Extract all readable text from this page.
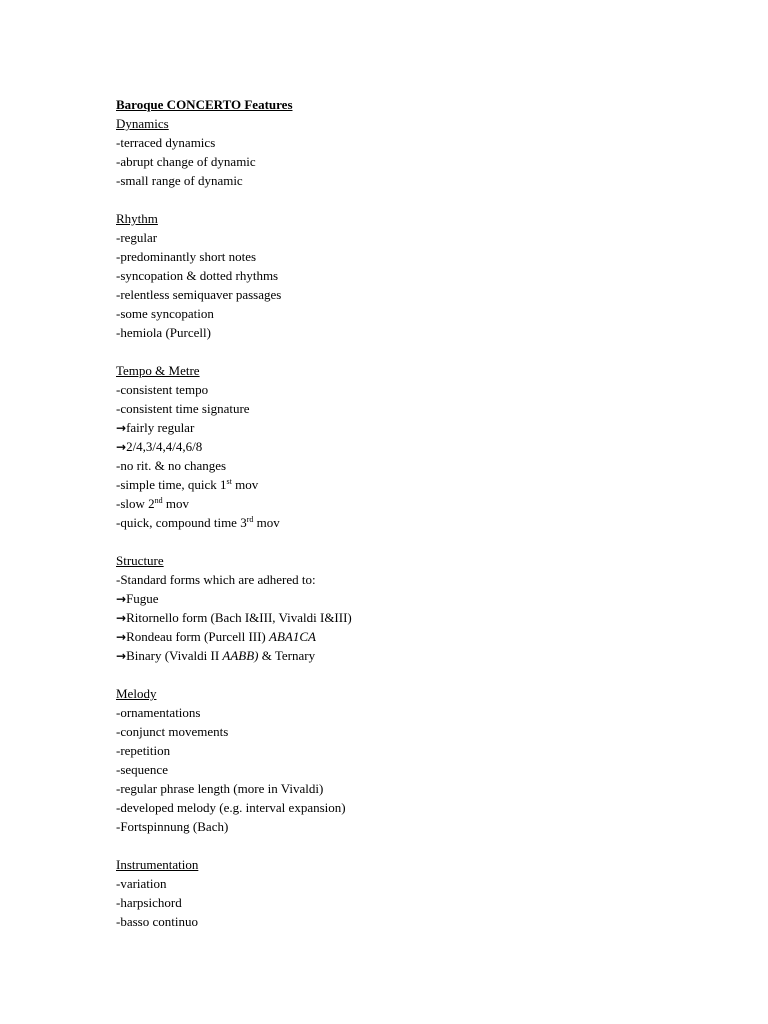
Baroque CONCERTO Features
Dynamics
-terraced dynamics
-abrupt change of dynamic
-small range of dynamic
Rhythm
-regular
-predominantly short notes
-syncopation & dotted rhythms
-relentless semiquaver passages
-some syncopation
-hemiola (Purcell)
Tempo & Metre
-consistent tempo
-consistent time signature
→fairly regular
→2/4,3/4,4/4,6/8
-no rit. & no changes
-simple time, quick 1st mov
-slow 2nd mov
-quick, compound time 3rd mov
Structure
-Standard forms which are adhered to:
→Fugue
→Ritornello form (Bach I&III, Vivaldi I&III)
→Rondeau form (Purcell III) ABA1CA
→Binary (Vivaldi II AABB) & Ternary
Melody
-ornamentations
-conjunct movements
-repetition
-sequence
-regular phrase length (more in Vivaldi)
-developed melody (e.g. interval expansion)
-Fortspinnung (Bach)
Instrumentation
-variation
-harpsichord
-basso continuo
